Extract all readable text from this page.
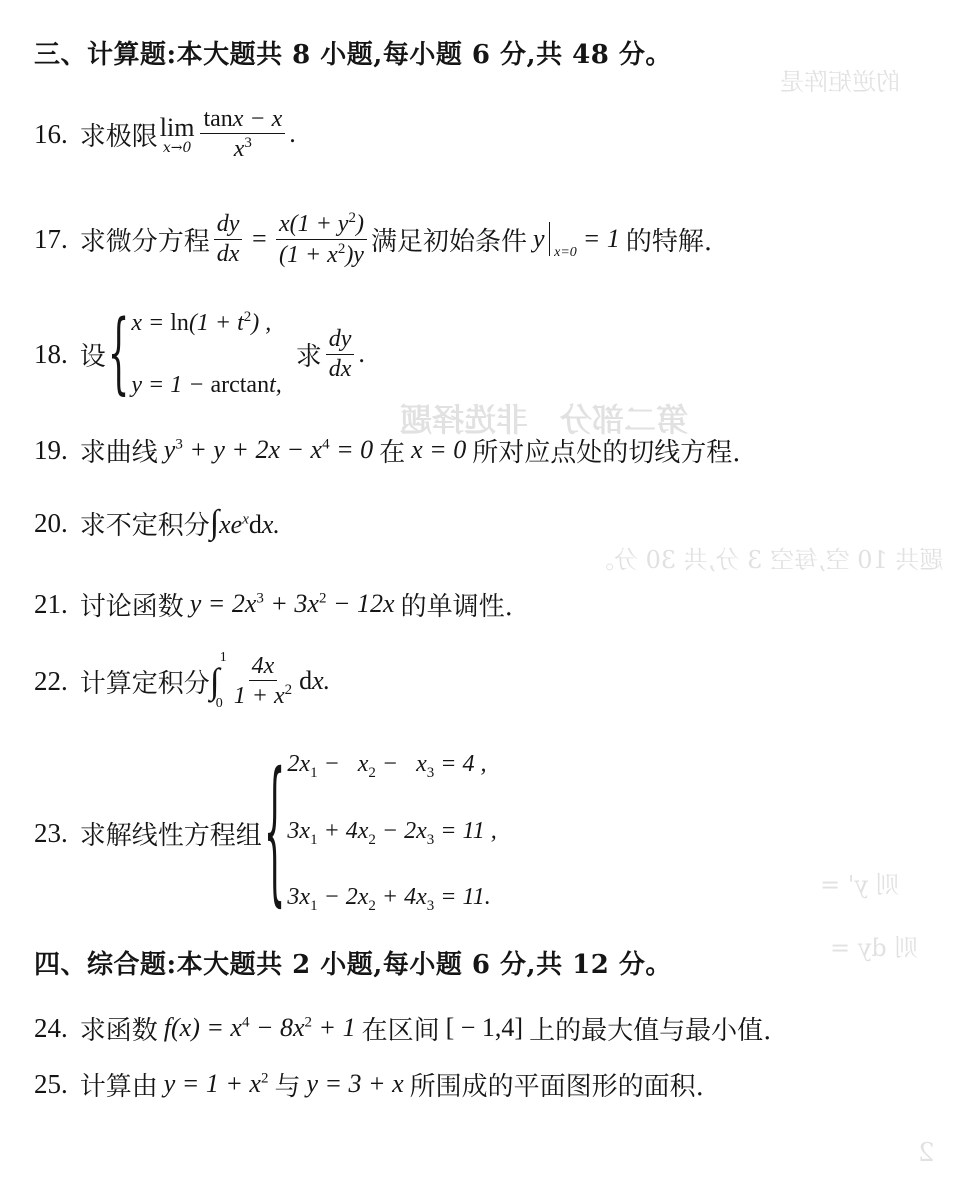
的逆矩阵是
第二部分　非选择题
题共 10 空,每空 3 分,共 30 分。
则 y' =
则 dy =
2
三、计算题:本大题共 8 小题,每小题 6 分,共 48 分。
16. 求极限 lim
$x\to 0 \frac{\tan x - x}{x^3}$ .
17. 求微分方程 $\frac{dy}{dx} = \frac{x(1 + y^2)}{(1 + x^2)y}$ 满足初始条件 y x=0 = 1 的特解.
18. 设 { $x = \ln(1 + t^2)$ ,
y = 1 − arctant,
求 $\frac{dy}{dx}$ .
19. 求曲线 $y^3 + y + 2x - x^4 = 0$ 在 x = 0 所对应点处的切线方程.
20. 求不定积分 $\int xe^xdx$.
21. 讨论函数 $y = 2x^3 + 3x^2 - 12x$ 的单调性.
22. 计算定积分
1
∫
$0 \frac{4x}{1 + x^2}$ d x.
23. 求解线性方程组 { $2x_1 - x_2 - x_3 = 4$ ,
$3x_1 + 4x_2 - 2x_3 = 11$ ,
$3x_1 - 2x_2 + 4x_3 = 11$.
四、综合题:本大题共 2 小题,每小题 6 分,共 12 分。
24. 求函数 $f(x) = x^4 - 8x^2 + 1$ 在区间 [ − 1,4] 上的最大值与最小值.
25. 计算由 $y = 1 + x^2$ 与 y = 3 + x 所围成的平面图形的面积.
